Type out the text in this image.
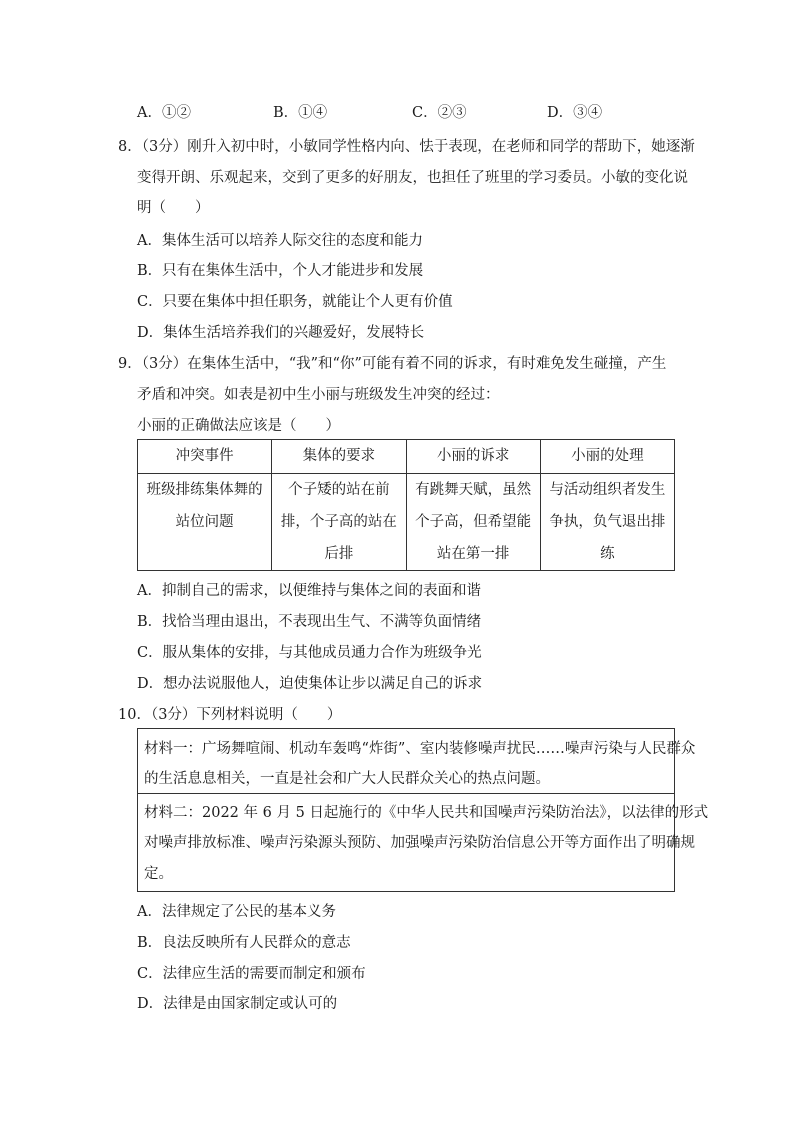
A．①②	B．①④	C．②③	D．③④
8．（3分）刚升入初中时，小敏同学性格内向、怯于表现，在老师和同学的帮助下，她逐渐
变得开朗、乐观起来，交到了更多的好朋友，也担任了班里的学习委员。小敏的变化说
明（　　）
A．集体生活可以培养人际交往的态度和能力
B．只有在集体生活中，个人才能进步和发展
C．只要在集体中担任职务，就能让个人更有价值
D．集体生活培养我们的兴趣爱好，发展特长
9．（3分）在集体生活中，“我”和“你”可能有着不同的诉求，有时难免发生碰撞，产生
矛盾和冲突。如表是初中生小丽与班级发生冲突的经过：
小丽的正确做法应该是（　　）
冲突事件	集体的要求	小丽的诉求	小丽的处理

班级排练集体舞的站位问题	个子矮的站在前排，个子高的站在后排	有跳舞天赋，虽然个子高，但希望能站在第一排	与活动组织者发生争执，负气退出排练
A．抑制自己的需求，以便维持与集体之间的表面和谐
B．找恰当理由退出，不表现出生气、不满等负面情绪
C．服从集体的安排，与其他成员通力合作为班级争光
D．想办法说服他人，迫使集体让步以满足自己的诉求
10．（3分）下列材料说明（　　）
材料一：广场舞喧闹、机动车轰鸣“炸街”、室内装修噪声扰民……噪声污染与人民群众
的生活息息相关，一直是社会和广大人民群众关心的热点问题。
材料二：2022 年 6 月 5 日起施行的《中华人民共和国噪声污染防治法》，以法律的形式
对噪声排放标准、噪声污染源头预防、加强噪声污染防治信息公开等方面作出了明确规
定。
A．法律规定了公民的基本义务
B．良法反映所有人民群众的意志
C．法律应生活的需要而制定和颁布
D．法律是由国家制定或认可的
